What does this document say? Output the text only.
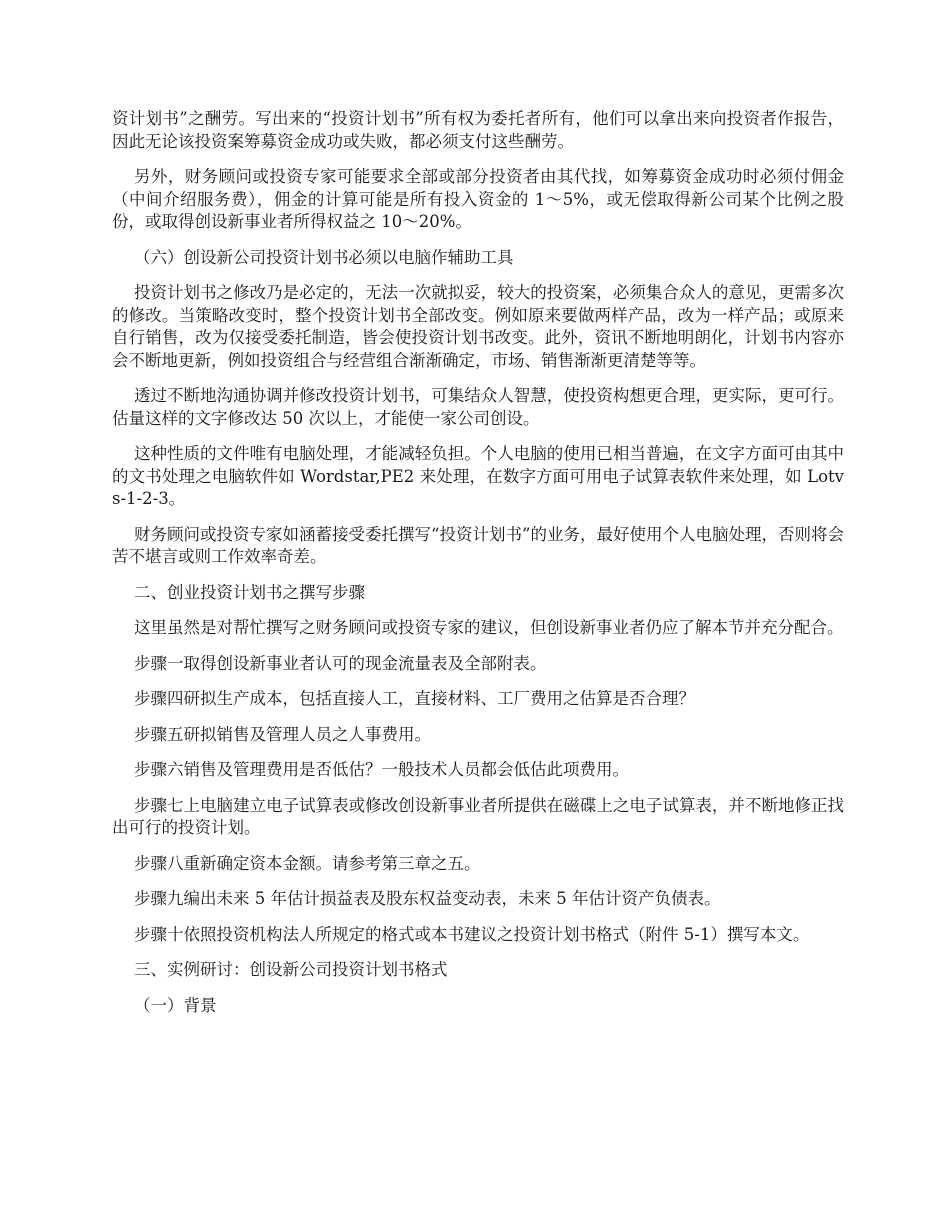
资计划书”之酬劳。写出来的“投资计划书”所有权为委托者所有，他们可以拿出来向投资者作报告，因此无论该投资案筹募资金成功或失败，都必须支付这些酬劳。

另外，财务顾问或投资专家可能要求全部或部分投资者由其代找，如筹募资金成功时必须付佣金（中间介绍服务费），佣金的计算可能是所有投入资金的 1～5%，或无偿取得新公司某个比例之股份，或取得创设新事业者所得权益之 10～20%。

（六）创设新公司投资计划书必须以电脑作辅助工具

投资计划书之修改乃是必定的，无法一次就拟妥，较大的投资案，必须集合众人的意见，更需多次的修改。当策略改变时，整个投资计划书全部改变。例如原来要做两样产品，改为一样产品；或原来自行销售，改为仅接受委托制造，皆会使投资计划书改变。此外，资讯不断地明朗化，计划书内容亦会不断地更新，例如投资组合与经营组合渐渐确定，市场、销售渐渐更清楚等等。

透过不断地沟通协调并修改投资计划书，可集结众人智慧，使投资构想更合理，更实际，更可行。估量这样的文字修改达 50 次以上，才能使一家公司创设。

这种性质的文件唯有电脑处理，才能减轻负担。个人电脑的使用已相当普遍，在文字方面可由其中的文书处理之电脑软件如 Wordstar,PE2 来处理，在数字方面可用电子试算表软件来处理，如 Lotvs-1-2-3。

财务顾问或投资专家如涵蓄接受委托撰写“投资计划书”的业务，最好使用个人电脑处理，否则将会苦不堪言或则工作效率奇差。

二、创业投资计划书之撰写步骤

这里虽然是对帮忙撰写之财务顾问或投资专家的建议，但创设新事业者仍应了解本节并充分配合。

步骤一取得创设新事业者认可的现金流量表及全部附表。

步骤四研拟生产成本，包括直接人工，直接材料、工厂费用之估算是否合理？

步骤五研拟销售及管理人员之人事费用。

步骤六销售及管理费用是否低估？一般技术人员都会低估此项费用。

步骤七上电脑建立电子试算表或修改创设新事业者所提供在磁碟上之电子试算表，并不断地修正找出可行的投资计划。

步骤八重新确定资本金额。请参考第三章之五。

步骤九编出未来 5 年估计损益表及股东权益变动表，未来 5 年估计资产负债表。

步骤十依照投资机构法人所规定的格式或本书建议之投资计划书格式（附件 5-1）撰写本文。

三、实例研讨：创设新公司投资计划书格式

（一）背景
